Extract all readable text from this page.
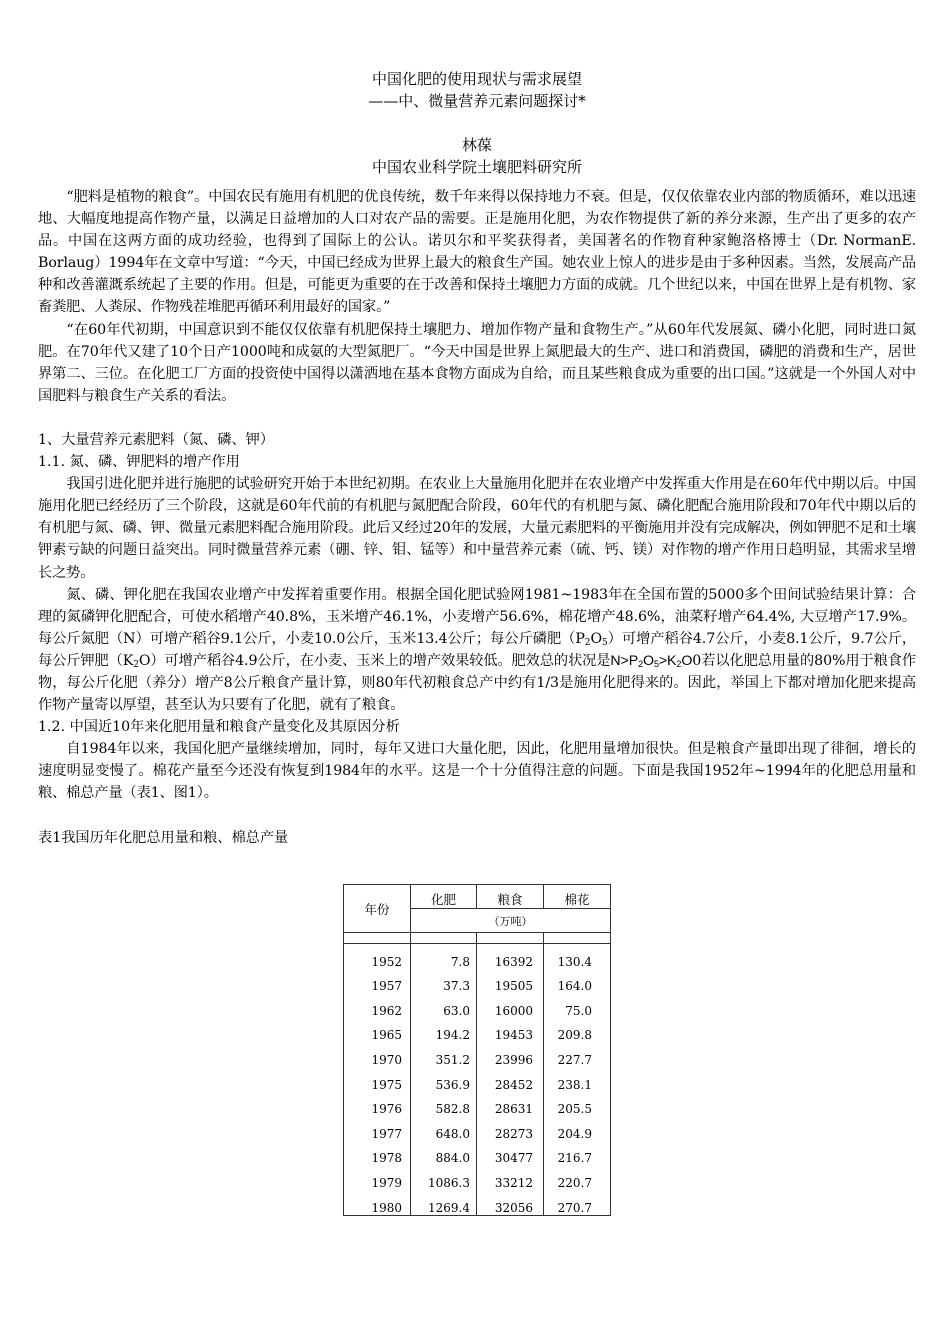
中国化肥的使用现状与需求展望
——中、微量营养元素问题探讨*
林葆
中国农业科学院土壤肥料研究所

“肥料是植物的粮食”。中国农民有施用有机肥的优良传统，数千年来得以保持地力不衰。但是，仅仅依靠农业内部的物质循环，难以迅速地、大幅度地提高作物产量，以满足日益增加的人口对农产品的需要。正是施用化肥，为农作物提供了新的养分来源，生产出了更多的农产品。中国在这两方面的成功经验，也得到了国际上的公认。诺贝尔和平奖获得者，美国著名的作物育种家鲍洛格博士（Dr. NormanE. Borlaug）1994年在文章中写道：“今天，中国已经成为世界上最大的粮食生产国。她农业上惊人的进步是由于多种因素。当然，发展高产品种和改善灌溉系统起了主要的作用。但是，可能更为重要的在于改善和保持土壤肥力方面的成就。几个世纪以来，中国在世界上是有机物、家畜粪肥、人粪尿、作物残茬堆肥再循环利用最好的国家。”

“在60年代初期，中国意识到不能仅仅依靠有机肥保持土壤肥力、增加作物产量和食物生产。”从60年代发展氮、磷小化肥，同时进口氮肥。在70年代又建了10个日产1000吨和成氨的大型氮肥厂。“今天中国是世界上氮肥最大的生产、进口和消费国，磷肥的消费和生产，居世界第二、三位。在化肥工厂方面的投资使中国得以潇洒地在基本食物方面成为自给，而且某些粮食成为重要的出口国。”这就是一个外国人对中国肥料与粮食生产关系的看法。

1、大量营养元素肥料（氮、磷、钾）

1.1. 氮、磷、钾肥料的增产作用

我国引进化肥并进行施肥的试验研究开始于本世纪初期。在农业上大量施用化肥并在农业增产中发挥重大作用是在60年代中期以后。中国施用化肥已经经历了三个阶段，这就是60年代前的有机肥与氮肥配合阶段，60年代的有机肥与氮、磷化肥配合施用阶段和70年代中期以后的有机肥与氮、磷、钾、微量元素肥料配合施用阶段。此后又经过20年的发展，大量元素肥料的平衡施用并没有完成解决，例如钾肥不足和土壤钾素亏缺的问题日益突出。同时微量营养元素（硼、锌、钼、锰等）和中量营养元素（硫、钙、镁）对作物的增产作用日趋明显，其需求呈增长之势。

氮、磷、钾化肥在我国农业增产中发挥着重要作用。根据全国化肥试验网1981~1983年在全国布置的5000多个田间试验结果计算：合理的氮磷钾化肥配合，可使水稻增产40.8%，玉米增产46.1%，小麦增产56.6%，棉花增产48.6%，油菜籽增产64.4%, 大豆增产17.9%。每公斤氮肥（N）可增产稻谷9.1公斤，小麦10.0公斤，玉米13.4公斤；每公斤磷肥$(P_2O_5)$可增产稻谷4.7公斤，小麦8.1公斤，9.7公斤，每公斤钾肥$(K_2O)$可增产稻谷4.9公斤，在小麦、玉米上的增产效果较低。肥效总的状况是$N>P_2O_5>K_2O0$若以化肥总用量的80%用于粮食作物，每公斤化肥（养分）增产8公斤粮食产量计算，则80年代初粮食总产中约有1/3是施用化肥得来的。因此，举国上下都对增加化肥来提高作物产量寄以厚望，甚至认为只要有了化肥，就有了粮食。

1.2. 中国近10年来化肥用量和粮食产量变化及其原因分析

自1984年以来，我国化肥产量继续增加，同时，每年又进口大量化肥，因此，化肥用量增加很快。但是粮食产量即出现了徘徊，增长的速度明显变慢了。棉花产量至今还没有恢复到1984年的水平。这是一个十分值得注意的问题。下面是我国1952年~1994年的化肥总用量和粮、棉总产量（表1、图1）。

表1我国历年化肥总用量和粮、棉总产量

年份	化肥	粮食	棉花
	（万吨）		

1952	7.8	16392	130.4
1957	37.3	19505	164.0
1962	63.0	16000	75.0
1965	194.2	19453	209.8
1970	351.2	23996	227.7
1975	536.9	28452	238.1
1976	582.8	28631	205.5
1977	648.0	28273	204.9
1978	884.0	30477	216.7
1979	1086.3	33212	220.7
1980	1269.4	32056	270.7
